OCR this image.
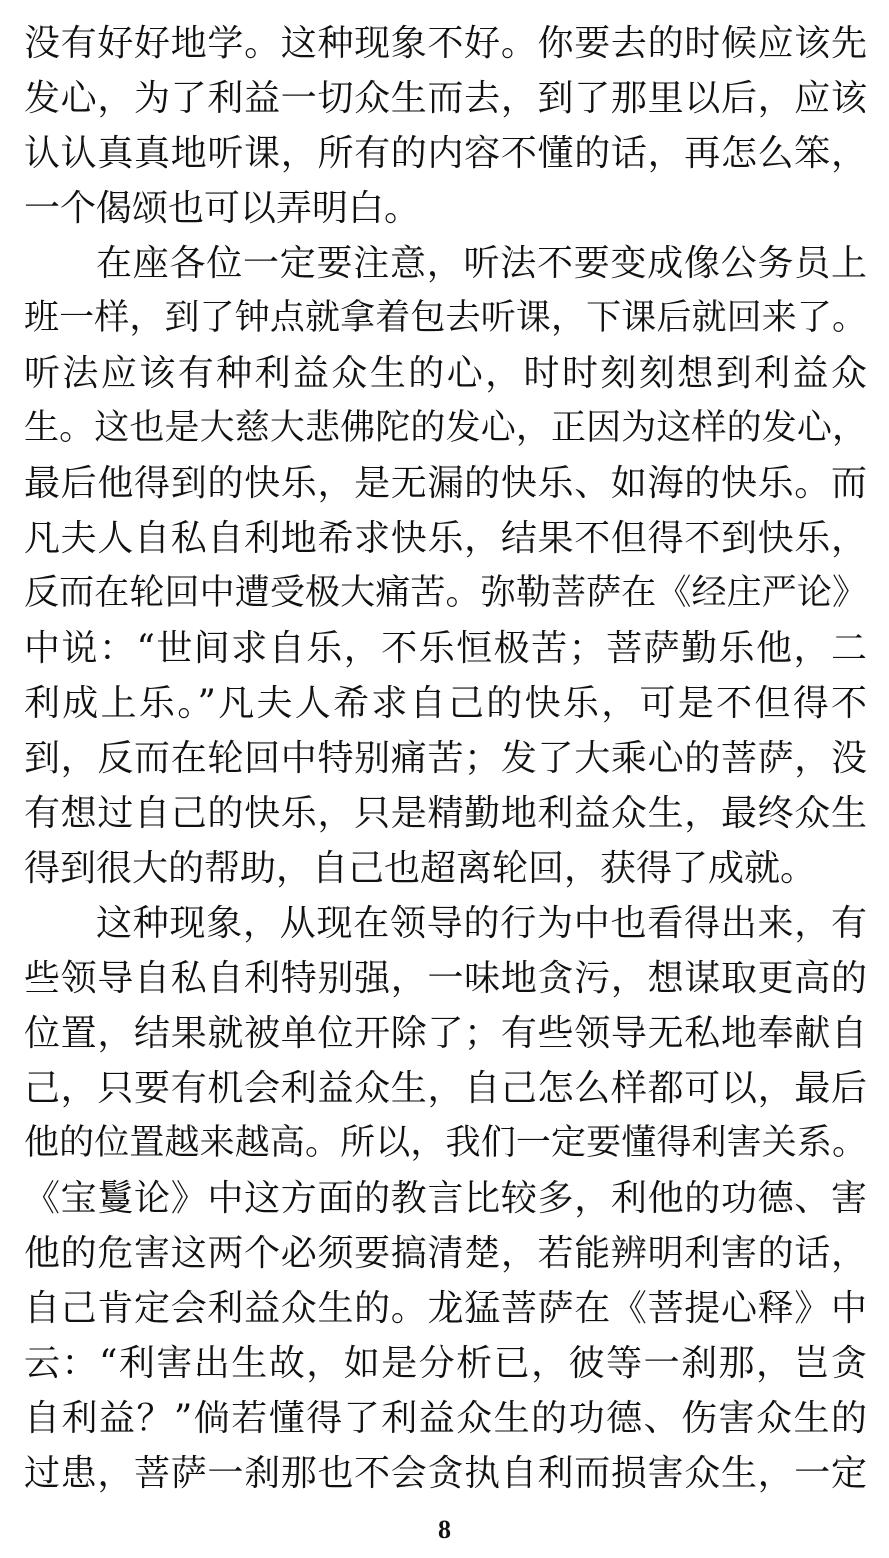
没有好好地学。这种现象不好。你要去的时候应该先
发心，为了利益一切众生而去，到了那里以后，应该
认认真真地听课，所有的内容不懂的话，再怎么笨，
一个偈颂也可以弄明白。
在座各位一定要注意，听法不要变成像公务员上
班一样，到了钟点就拿着包去听课，下课后就回来了。
听法应该有种利益众生的心，时时刻刻想到利益众
生。这也是大慈大悲佛陀的发心，正因为这样的发心，
最后他得到的快乐，是无漏的快乐、如海的快乐。而
凡夫人自私自利地希求快乐，结果不但得不到快乐，
反而在轮回中遭受极大痛苦。弥勒菩萨在《经庄严论》
中说：“世间求自乐，不乐恒极苦；菩萨勤乐他，二
利成上乐。”凡夫人希求自己的快乐，可是不但得不
到，反而在轮回中特别痛苦；发了大乘心的菩萨，没
有想过自己的快乐，只是精勤地利益众生，最终众生
得到很大的帮助，自己也超离轮回，获得了成就。
这种现象，从现在领导的行为中也看得出来，有
些领导自私自利特别强，一味地贪污，想谋取更高的
位置，结果就被单位开除了；有些领导无私地奉献自
己，只要有机会利益众生，自己怎么样都可以，最后
他的位置越来越高。所以，我们一定要懂得利害关系。
《宝鬘论》中这方面的教言比较多，利他的功德、害
他的危害这两个必须要搞清楚，若能辨明利害的话，
自己肯定会利益众生的。龙猛菩萨在《菩提心释》中
云：“利害出生故，如是分析已，彼等一刹那，岂贪
自利益？”倘若懂得了利益众生的功德、伤害众生的
过患，菩萨一刹那也不会贪执自利而损害众生，一定
8
